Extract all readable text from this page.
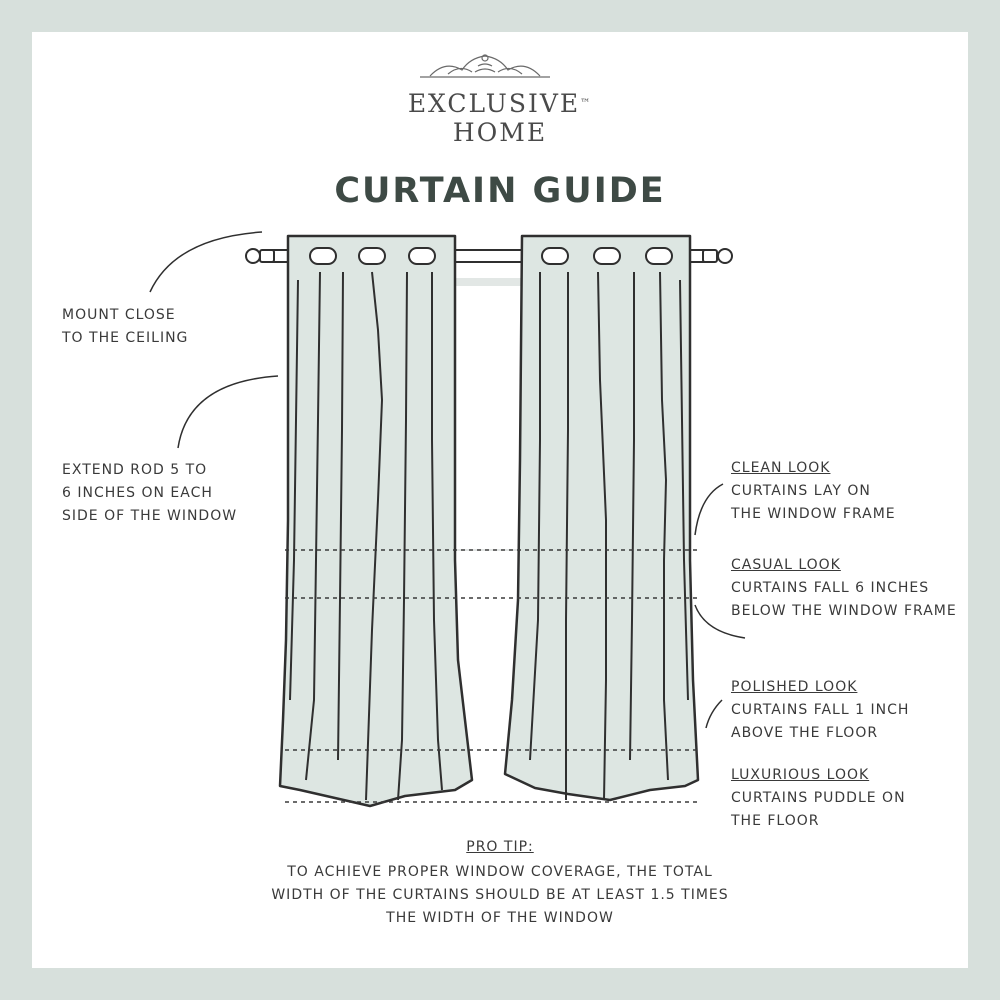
EXCLUSIVE™
HOME
CURTAIN GUIDE
MOUNT CLOSE
TO THE CEILING
EXTEND ROD 5 TO
6 INCHES ON EACH
SIDE OF THE WINDOW
CLEAN LOOK
CURTAINS LAY ON
THE WINDOW FRAME
CASUAL LOOK
CURTAINS FALL 6 INCHES
BELOW THE WINDOW FRAME
POLISHED LOOK
CURTAINS FALL 1 INCH
ABOVE THE FLOOR
LUXURIOUS LOOK
CURTAINS PUDDLE ON
THE FLOOR
PRO TIP:
TO ACHIEVE PROPER WINDOW COVERAGE, THE TOTAL
WIDTH OF THE CURTAINS SHOULD BE AT LEAST 1.5 TIMES
THE WIDTH OF THE WINDOW
